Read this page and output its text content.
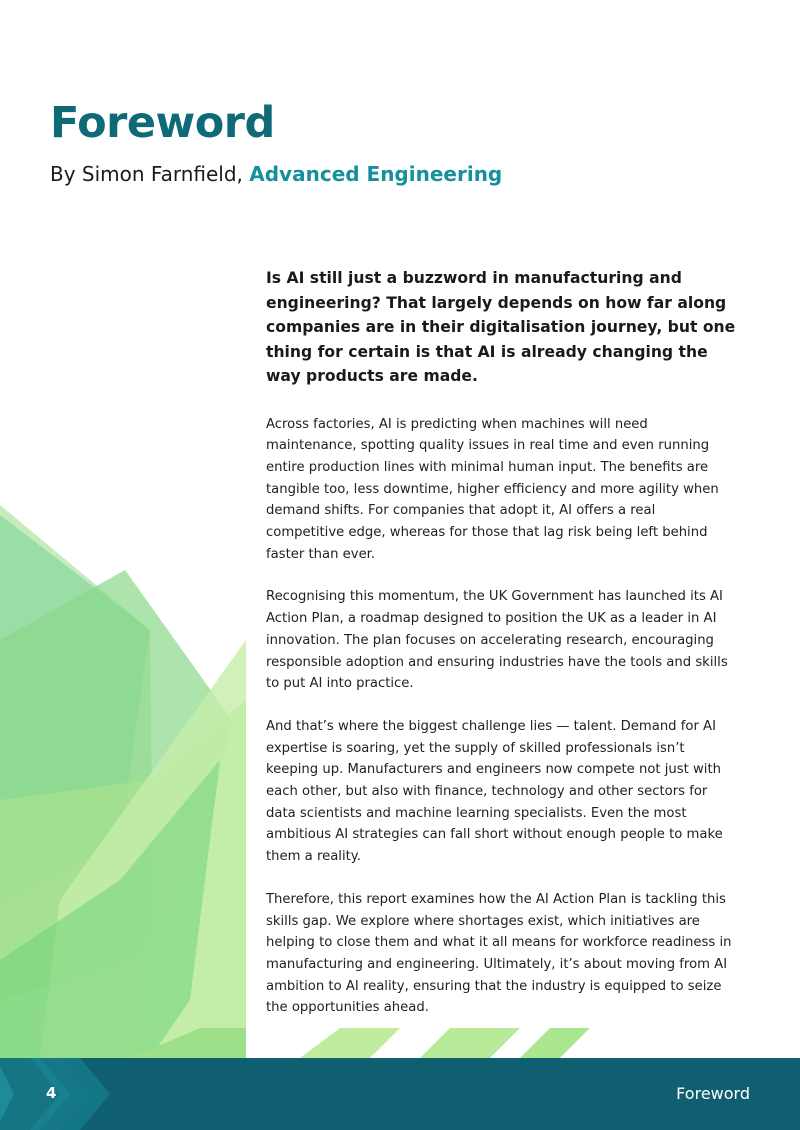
Foreword

By Simon Farnfield, Advanced Engineering

Is AI still just a buzzword in manufacturing and engineering? That largely depends on how far along companies are in their digitalisation journey, but one thing for certain is that AI is already changing the way products are made.

Across factories, AI is predicting when machines will need maintenance, spotting quality issues in real time and even running entire production lines with minimal human input. The benefits are tangible too, less downtime, higher efficiency and more agility when demand shifts. For companies that adopt it, AI offers a real competitive edge, whereas for those that lag risk being left behind faster than ever.

Recognising this momentum, the UK Government has launched its AI Action Plan, a roadmap designed to position the UK as a leader in AI innovation. The plan focuses on accelerating research, encouraging responsible adoption and ensuring industries have the tools and skills to put AI into practice.

And that’s where the biggest challenge lies — talent. Demand for AI expertise is soaring, yet the supply of skilled professionals isn’t keeping up. Manufacturers and engineers now compete not just with each other, but also with finance, technology and other sectors for data scientists and machine learning specialists. Even the most ambitious AI strategies can fall short without enough people to make them a reality.

Therefore, this report examines how the AI Action Plan is tackling this skills gap. We explore where shortages exist, which initiatives are helping to close them and what it all means for workforce readiness in manufacturing and engineering. Ultimately, it’s about moving from AI ambition to AI reality, ensuring that the industry is equipped to seize the opportunities ahead.

4	Foreword
